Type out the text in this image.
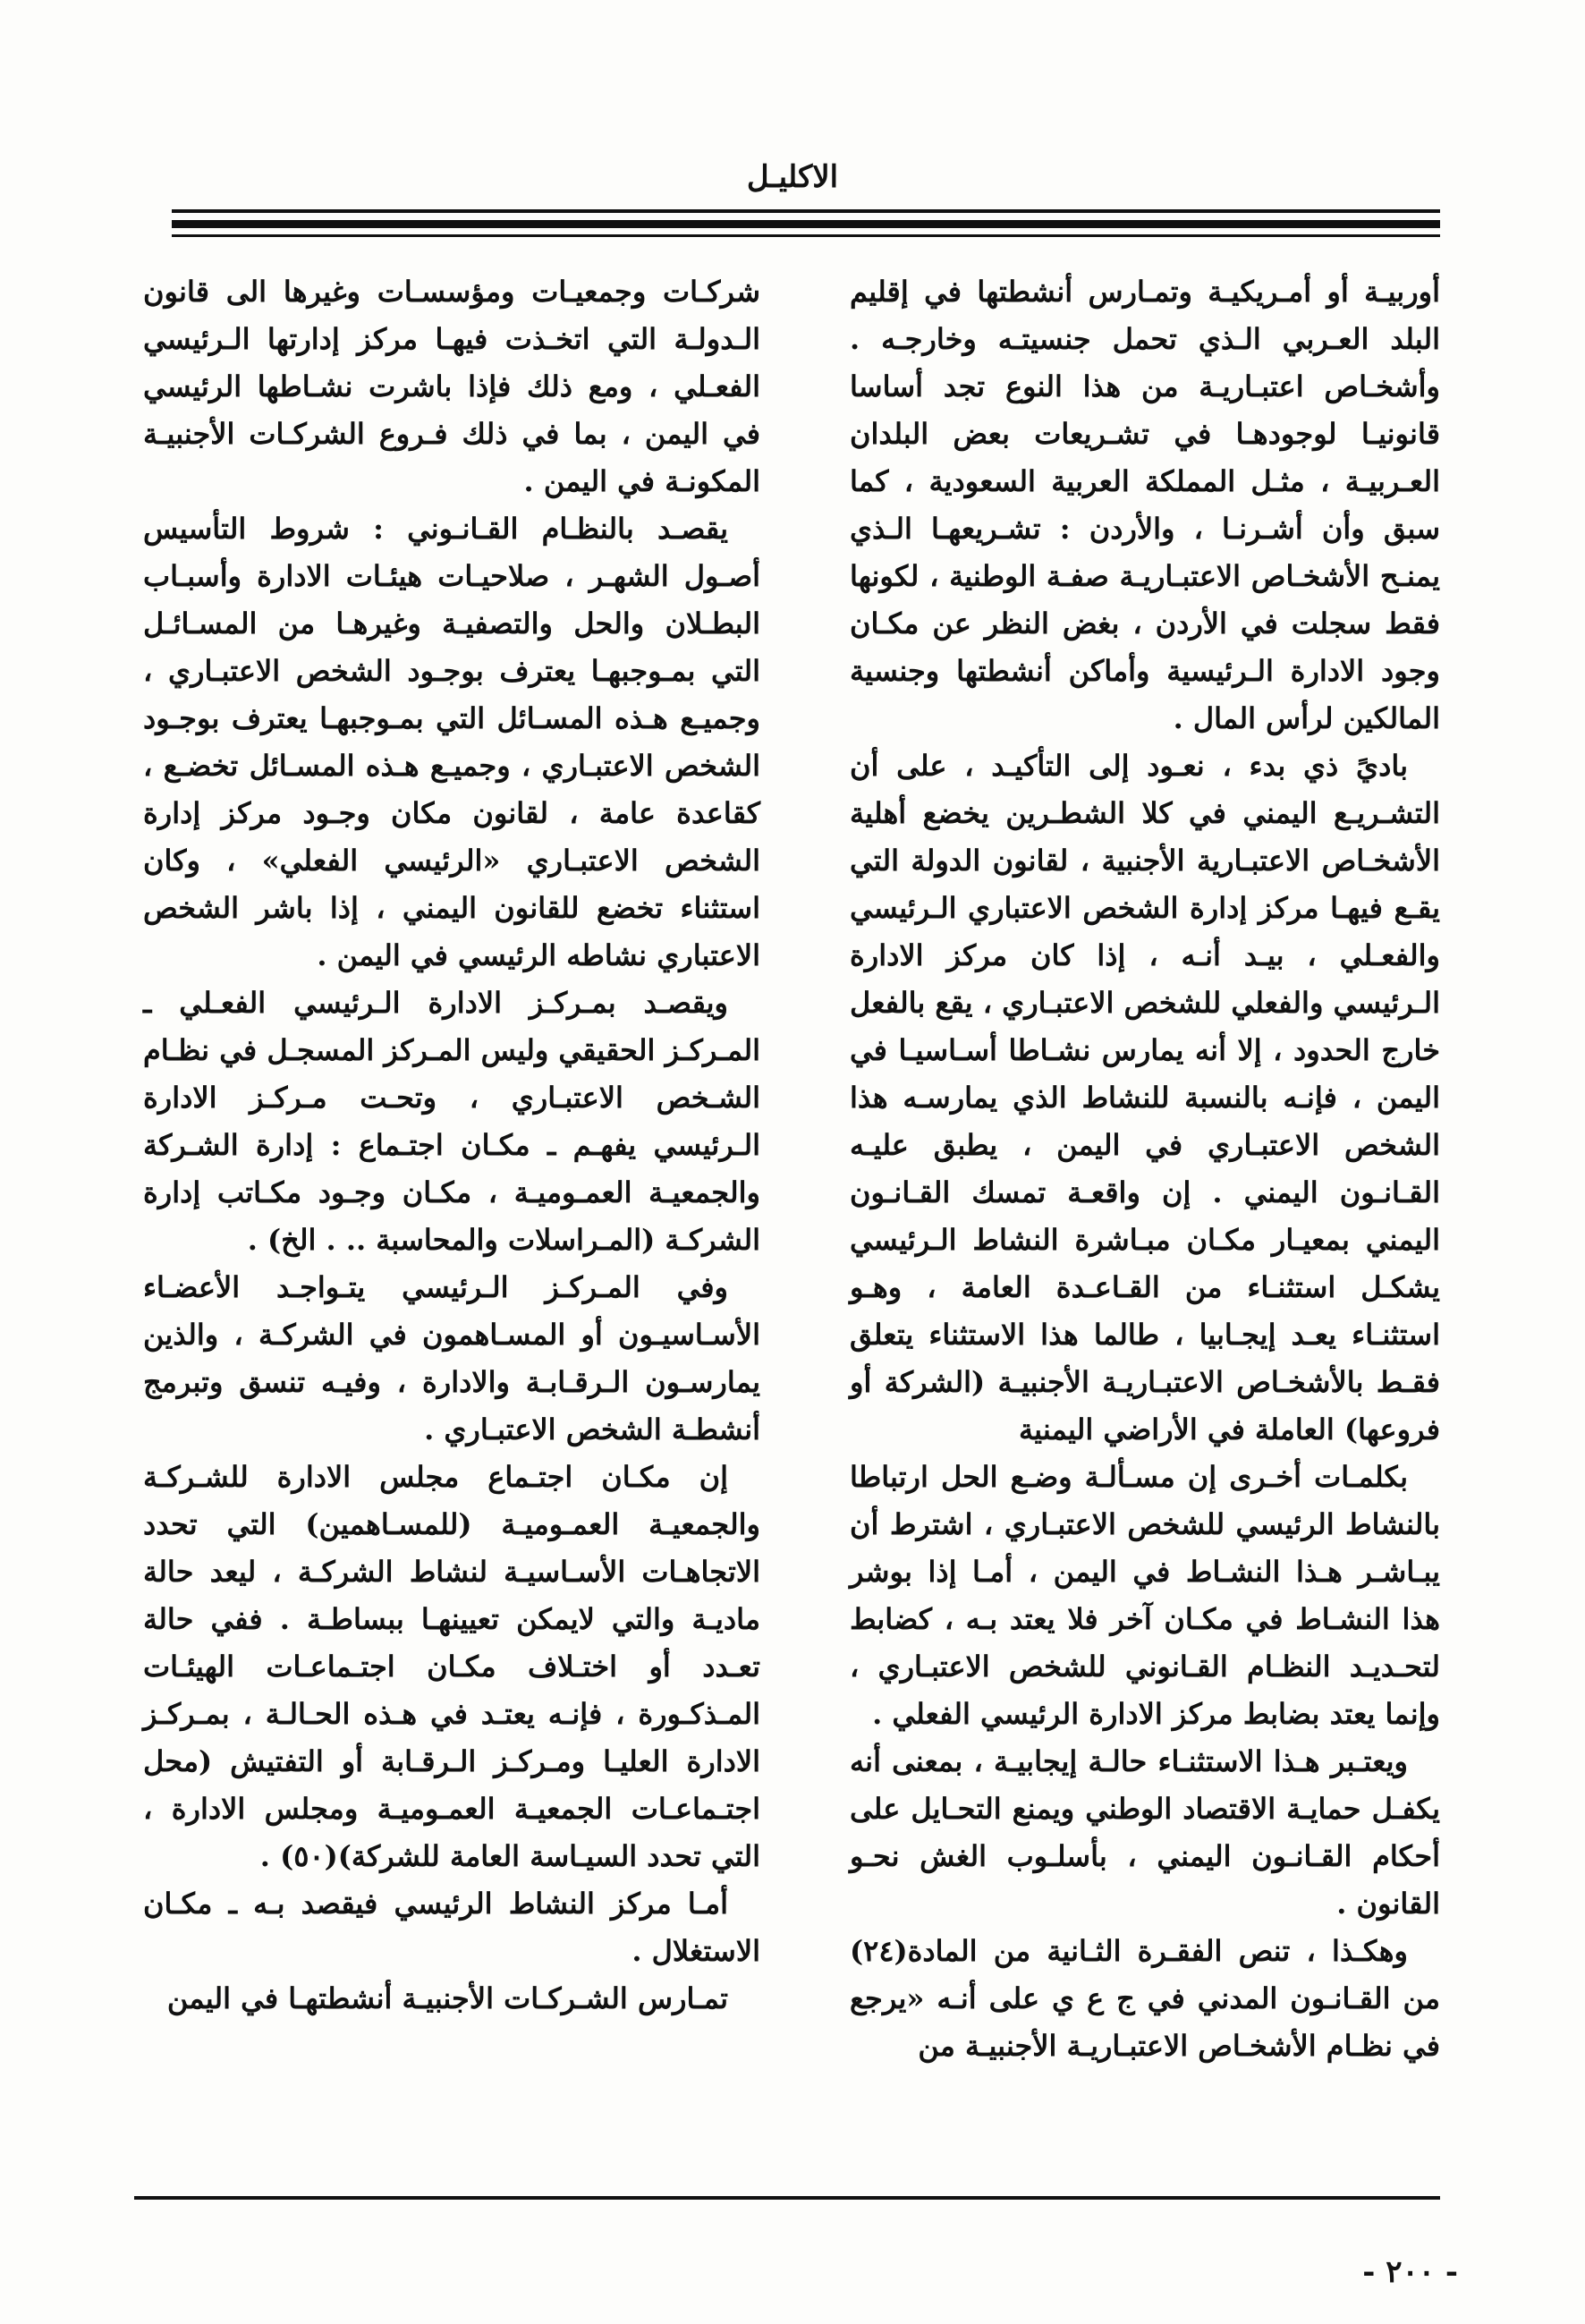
الاكليـل

أوربيـة أو أمـريكيـة وتمـارس أنشطتها في إقليم البلد العـربي الـذي تحمل جنسيتـه وخارجـه . وأشخـاص اعتبـاريـة من هذا النوع تجد أساسا قانونيـا لوجودهـا في تشـريعات بعض البلدان العـربيـة ، مثـل المملكة العربية السعودية ، كما سبق وأن أشـرنـا ، والأردن : تشـريعهـا الـذي يمنـح الأشخـاص الاعتبـاريـة صفـة الوطنية ، لكونها فقط سجلت في الأردن ، بغض النظر عن مكـان وجود الادارة الـرئيسية وأماكن أنشطتها وجنسية المالكين لرأس المال .

باديً ذي بدء ، نعـود إلى التأكيـد ، على أن التشـريـع اليمني في كلا الشطـرين يخضع أهلية الأشخـاص الاعتبـارية الأجنبية ، لقانون الدولة التي يقـع فيهـا مركز إدارة الشخص الاعتباري الـرئيسي والفعـلي ، بيـد أنـه ، إذا كان مركز الادارة الـرئيسي والفعلي للشخص الاعتبـاري ، يقع بالفعل خارج الحدود ، إلا أنه يمارس نشـاطا أسـاسيـا في اليمن ، فإنـه بالنسبة للنشاط الذي يمارسـه هذا الشخص الاعتبـاري في اليمن ، يطبق عليـه القـانـون اليمني . إن واقعـة تمسك القـانـون اليمني بمعيـار مكـان مبـاشرة النشاط الـرئيسي يشكـل استثنـاء من القـاعـدة العامة ، وهـو استثنـاء يعـد إيجـابيا ، طالما هذا الاستثناء يتعلق فقـط بالأشخـاص الاعتبـاريـة الأجنبيـة (الشركة أو فروعها) العاملة في الأراضي اليمنية

بكلمـات أخـرى إن مسـألـة وضـع الحل ارتباطا بالنشاط الرئيسي للشخص الاعتبـاري ، اشترط أن يبـاشـر هـذا النشـاط في اليمن ، أمـا إذا بوشر هذا النشـاط في مكـان آخر فلا يعتد بـه ، كضابط لتحـديـد النظـام القـانوني للشخص الاعتبـاري ، وإنما يعتد بضابط مركز الادارة الرئيسي الفعلي .

ويعتـبر هـذا الاستثنـاء حالـة إيجابيـة ، بمعنى أنه يكفـل حمايـة الاقتصاد الوطني ويمنع التحـايل على أحكام القـانـون اليمني ، بأسلـوب الغش نحـو القانون .

وهكـذا ، تنص الفقـرة الثـانية من المادة(٢٤) من القـانـون المدني في ج ع ي على أنـه «يرجع في نظـام الأشخـاص الاعتبـاريـة الأجنبيـة من

شركـات وجمعيـات ومؤسسـات وغيرها الى قانون الـدولـة التي اتخـذت فيهـا مركز إدارتها الـرئيسي الفعـلي ، ومع ذلك فإذا باشرت نشـاطها الرئيسي في اليمن ، بما في ذلك فـروع الشركـات الأجنبيـة المكونـة في اليمن .

يقصـد بالنظـام القـانـوني : شروط التأسيس أصـول الشهـر ، صلاحيـات هيئـات الادارة وأسبـاب البطـلان والحل والتصفيـة وغيرهـا من المسـائـل التي بمـوجبهـا يعترف بوجـود الشخص الاعتبـاري ، وجميـع هـذه المسـائل التي بمـوجبهـا يعترف بوجـود الشخص الاعتبـاري ، وجميـع هـذه المسـائل تخضـع ، كقاعدة عامة ، لقانون مكان وجـود مركز إدارة الشخص الاعتبـاري «الرئيسي الفعلي» ، وكان استثناء تخضع للقانون اليمني ، إذا باشر الشخص الاعتباري نشاطه الرئيسي في اليمن .

ويقصـد بمـركـز الادارة الـرئيسي الفعـلي ـ المـركـز الحقيقي وليس المـركز المسجـل في نظـام الشـخص الاعتبـاري ، وتحـت مـركـز الادارة الـرئيسي يفهـم ـ مكـان اجتـماع : إدارة الشـركة والجمعيـة العمـوميـة ، مكـان وجـود مكـاتب إدارة الشركـة (المـراسلات والمحاسبة .. . الخ) .

وفي المـركـز الـرئيسي يتـواجـد الأعضـاء الأسـاسيـون أو المسـاهمون في الشركـة ، والذين يمارسـون الـرقـابـة والادارة ، وفيـه تنسق وتبرمج أنشطـة الشخص الاعتبـاري .

إن مكـان اجتـماع مجلس الادارة للشـركـة والجمعيـة العمـوميـة (للمسـاهمين) التي تحدد الاتجاهـات الأسـاسيـة لنشاط الشركـة ، ليعد حالة ماديـة والتي لايمكن تعيينهـا ببساطـة . ففي حالة تعـدد أو اختـلاف مكـان اجتـماعـات الهيئـات المـذكـورة ، فإنـه يعتـد في هـذه الحـالـة ، بمـركـز الادارة العليـا ومـركـز الـرقـابة أو التفتيش (محل اجتـماعـات الجمعيـة العمـوميـة ومجلس الادارة ، التي تحدد السيـاسة العامة للشركة)(٥٠) .

أمـا مركز النشاط الرئيسي فيقصد بـه ـ مكـان الاستغلال .

تمـارس الشـركـات الأجنبيـة أنشطتهـا في اليمن

- ٢٠٠ -
